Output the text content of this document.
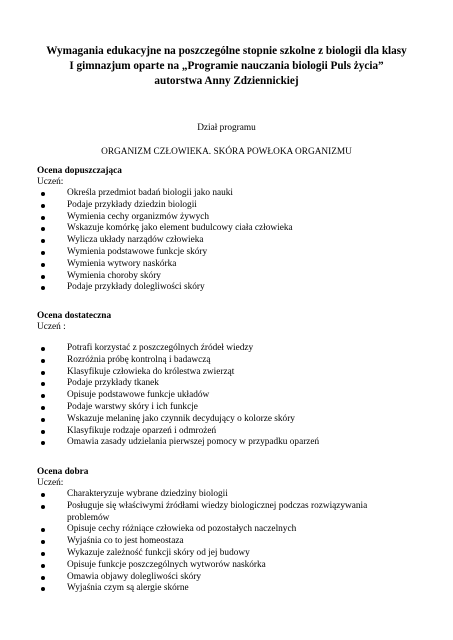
Wymagania edukacyjne na poszczególne stopnie szkolne z biologii dla klasy
I gimnazjum oparte na „Programie nauczania biologii Puls życia”
autorstwa Anny Zdziennickiej
Dział programu
ORGANIZM CZŁOWIEKA. SKÓRA POWŁOKA ORGANIZMU
Ocena dopuszczająca
Uczeń:
Określa przedmiot badań biologii jako nauki
Podaje przykłady dziedzin biologii
Wymienia cechy organizmów żywych
Wskazuje komórkę jako element budulcowy ciała człowieka
Wylicza układy narządów człowieka
Wymienia podstawowe funkcje skóry
Wymienia wytwory naskórka
Wymienia choroby skóry
Podaje przykłady dolegliwości skóry
Ocena dostateczna
Uczeń :
Potrafi korzystać z poszczególnych źródeł wiedzy
Rozróżnia próbę kontrolną i badawczą
Klasyfikuje człowieka do królestwa zwierząt
Podaje przykłady tkanek
Opisuje podstawowe funkcje układów
Podaje warstwy skóry i ich funkcje
Wskazuje melaninę jako czynnik decydujący o kolorze skóry
Klasyfikuje rodzaje oparzeń i odmrożeń
Omawia zasady udzielania pierwszej pomocy w przypadku oparzeń
Ocena dobra
Uczeń:
Charakteryzuje wybrane dziedziny biologii
Posługuje się właściwymi źródłami wiedzy biologicznej podczas rozwiązywania
problemów
Opisuje cechy różniące człowieka od pozostałych naczelnych
Wyjaśnia co to jest homeostaza
Wykazuje zależność funkcji skóry od jej budowy
Opisuje funkcje poszczególnych wytworów naskórka
Omawia objawy dolegliwości skóry
Wyjaśnia czym są alergie skórne
